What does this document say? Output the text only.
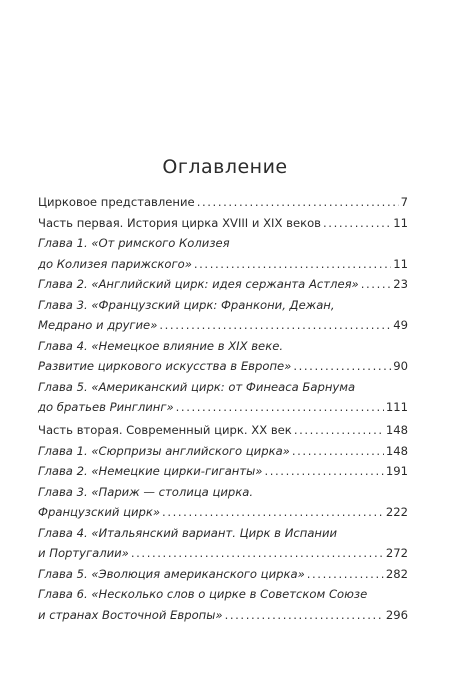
Оглавление
Цирковое представление .....	7
Часть первая. История цирка XVIII и XIX веков .....	11
Глава 1. «От римского Колизея
до Колизея парижского» .....	11
Глава 2. «Английский цирк: идея сержанта Астлея» .....	23
Глава 3. «Французский цирк: Франкони, Дежан,
Медрано и другие» .....	49
Глава 4. «Немецкое влияние в XIX веке.
Развитие циркового искусства в Европе» .....	90
Глава 5. «Американский цирк: от Финеаса Барнума
до братьев Ринглинг» .....	111
Часть вторая. Современный цирк. XX век .....	148
Глава 1. «Сюрпризы английского цирка» .....	148
Глава 2. «Немецкие цирки-гиганты» .....	191
Глава 3. «Париж — столица цирка.
Французский цирк» .....	222
Глава 4. «Итальянский вариант. Цирк в Испании
и Португалии» .....	272
Глава 5. «Эволюция американского цирка» .....	282
Глава 6. «Несколько слов о цирке в Советском Союзе
и странах Восточной Европы» .....	296
